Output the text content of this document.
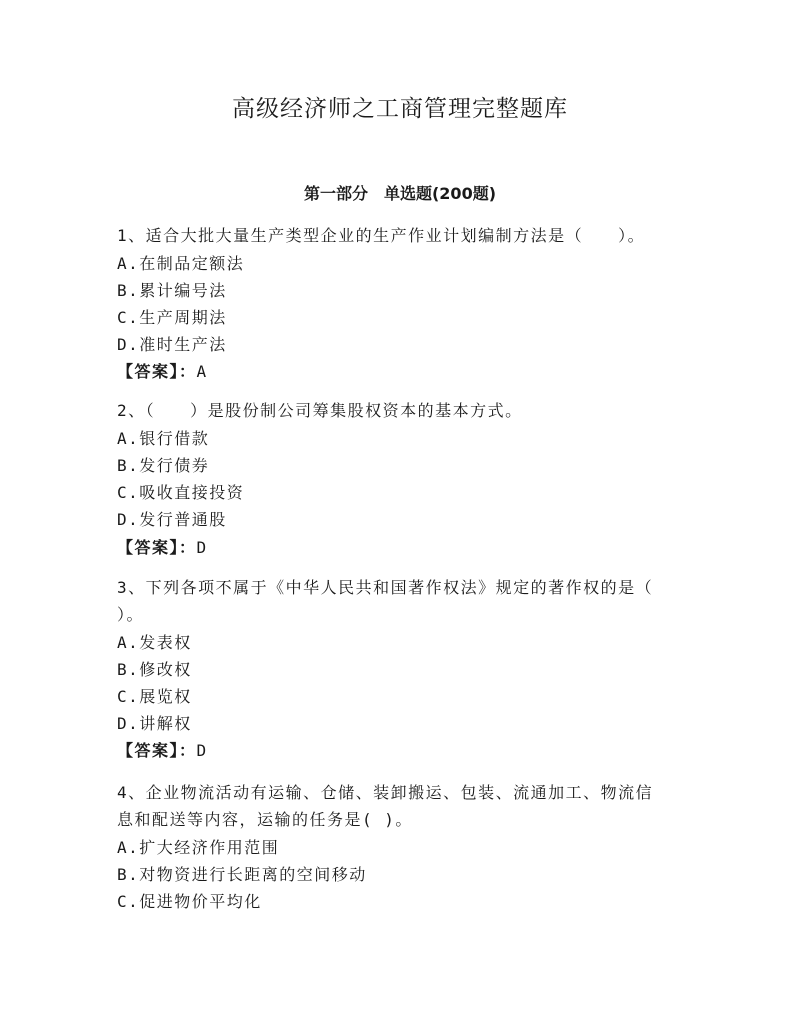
高级经济师之工商管理完整题库
第一部分 单选题(200题)
1、适合大批大量生产类型企业的生产作业计划编制方法是（　　）。
A.在制品定额法
B.累计编号法
C.生产周期法
D.准时生产法
【答案】：A
2、（　　）是股份制公司筹集股权资本的基本方式。
A.银行借款
B.发行债券
C.吸收直接投资
D.发行普通股
【答案】：D
3、下列各项不属于《中华人民共和国著作权法》规定的著作权的是（
）。
A.发表权
B.修改权
C.展览权
D.讲解权
【答案】：D
4、企业物流活动有运输、仓储、装卸搬运、包装、流通加工、物流信
息和配送等内容，运输的任务是( )。
A.扩大经济作用范围
B.对物资进行长距离的空间移动
C.促进物价平均化
